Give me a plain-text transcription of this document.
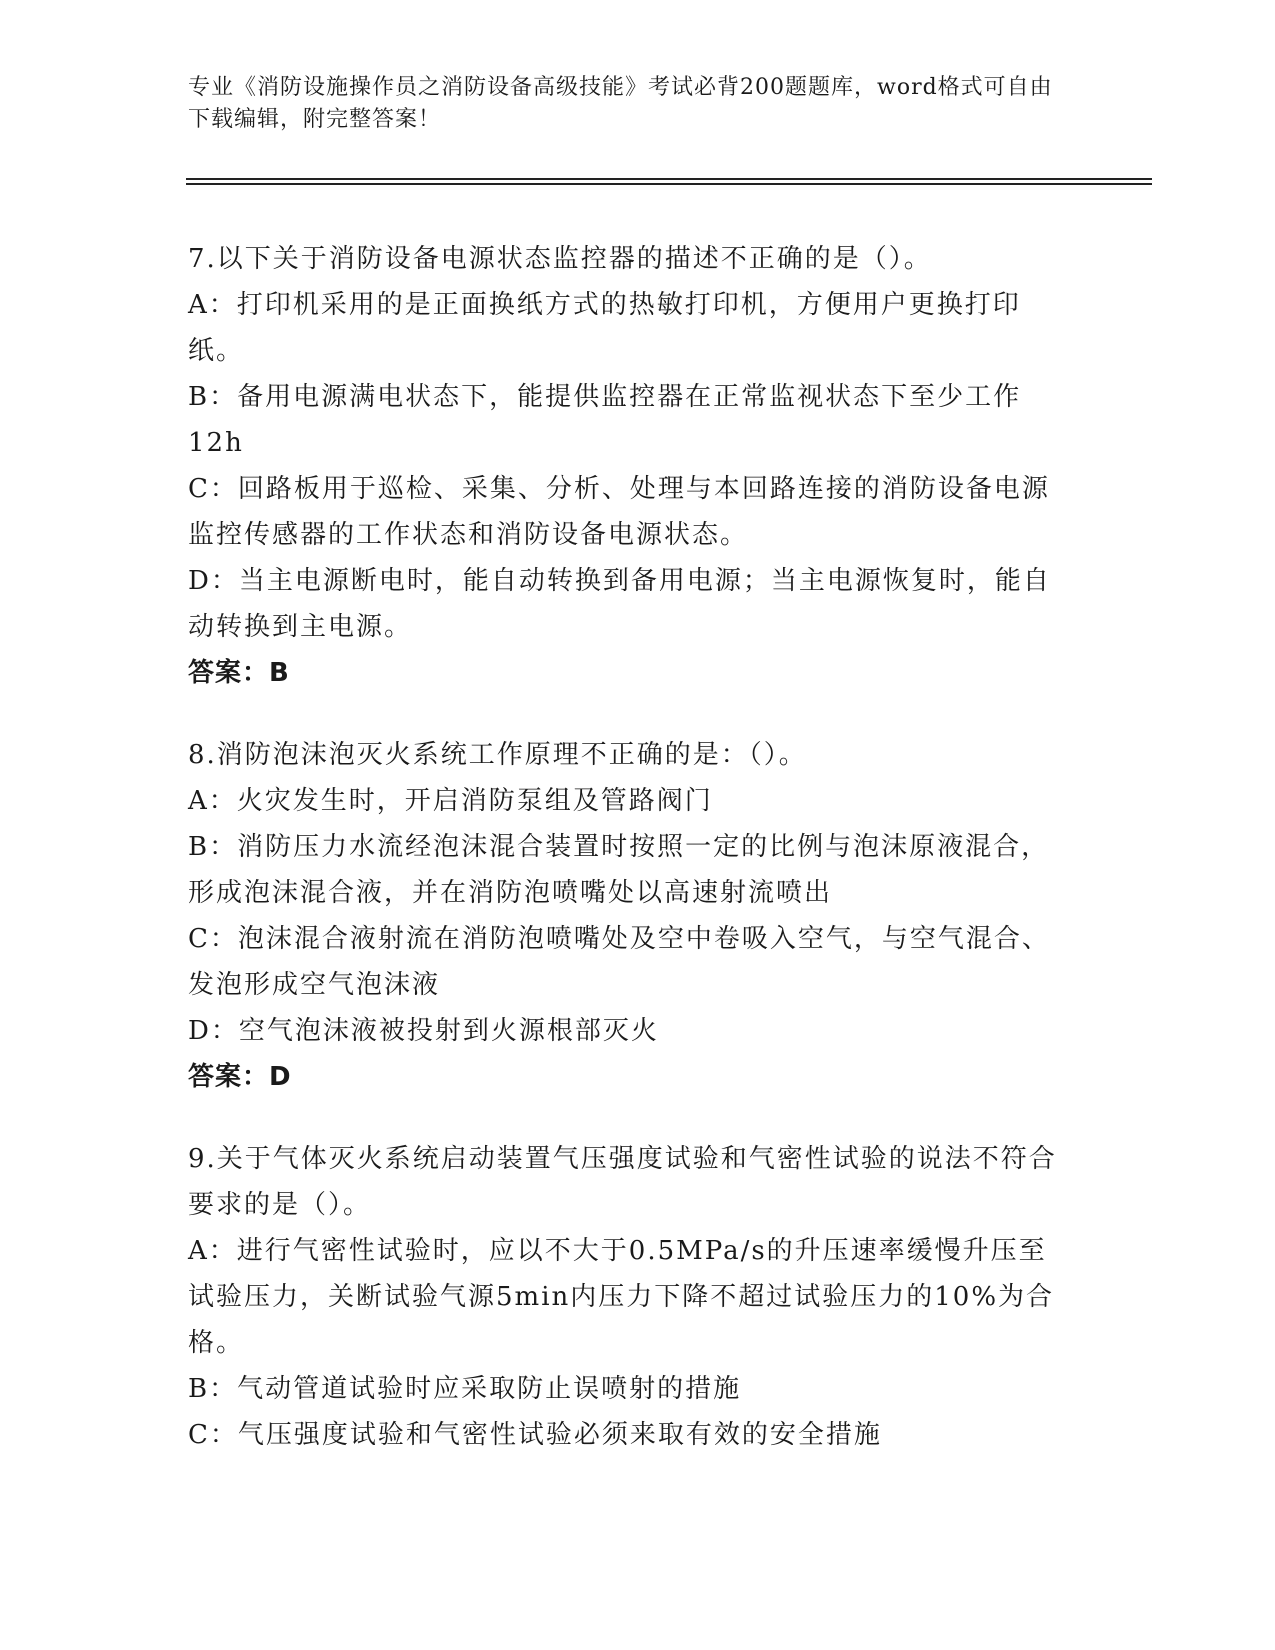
专业《消防设施操作员之消防设备高级技能》考试必背200题题库，word格式可自由下载编辑，附完整答案！

7.以下关于消防设备电源状态监控器的描述不正确的是（）。

A：打印机采用的是正面换纸方式的热敏打印机，方便用户更换打印纸。

B：备用电源满电状态下，能提供监控器在正常监视状态下至少工作12h

C：回路板用于巡检、采集、分析、处理与本回路连接的消防设备电源监控传感器的工作状态和消防设备电源状态。

D：当主电源断电时，能自动转换到备用电源；当主电源恢复时，能自动转换到主电源。

答案：B

8.消防泡沫泡灭火系统工作原理不正确的是：（）。

A：火灾发生时，开启消防泵组及管路阀门

B：消防压力水流经泡沫混合装置时按照一定的比例与泡沫原液混合，形成泡沫混合液，并在消防泡喷嘴处以高速射流喷出

C：泡沫混合液射流在消防泡喷嘴处及空中卷吸入空气，与空气混合、发泡形成空气泡沫液

D：空气泡沫液被投射到火源根部灭火

答案：D

9.关于气体灭火系统启动装置气压强度试验和气密性试验的说法不符合要求的是（）。

A：进行气密性试验时，应以不大于0.5MPa/s的升压速率缓慢升压至试验压力，关断试验气源5min内压力下降不超过试验压力的10%为合格。

B：气动管道试验时应采取防止误喷射的措施

C：气压强度试验和气密性试验必须来取有效的安全措施
